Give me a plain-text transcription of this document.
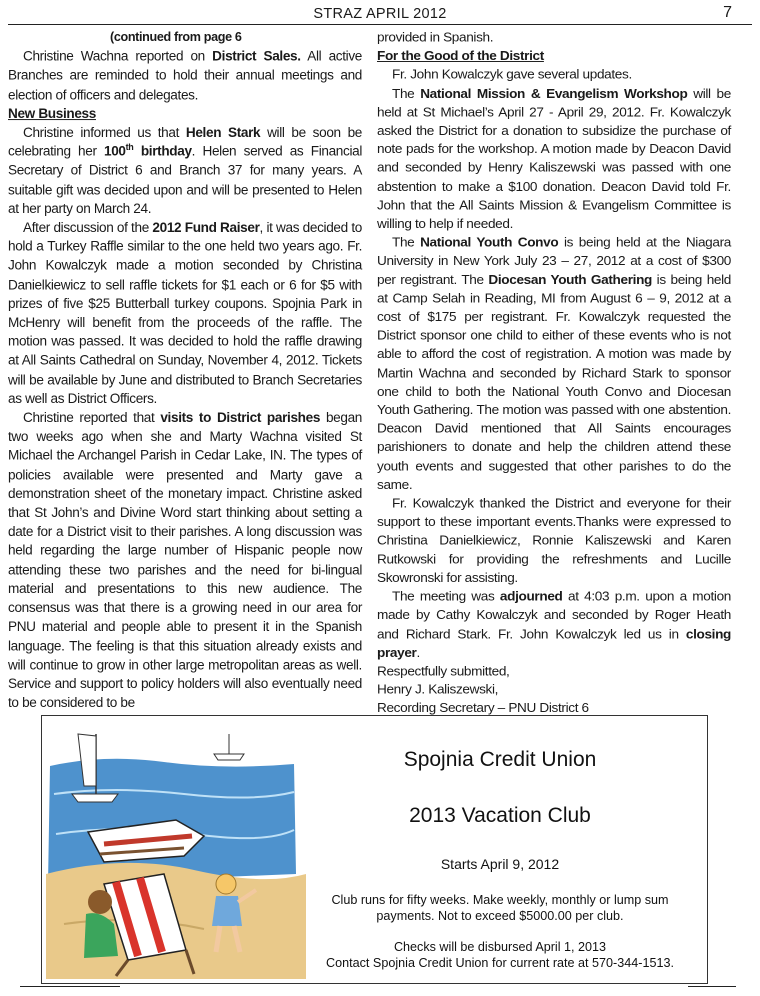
STRAZ APRIL 2012	7

(continued from page 6

Christine Wachna reported on District Sales. All active Branches are reminded to hold their annual meetings and election of officers and delegates.

New Business

Christine informed us that Helen Stark will be soon be celebrating her 100th birthday. Helen served as Financial Secretary of District 6 and Branch 37 for many years. A suitable gift was decided upon and will be presented to Helen at her party on March 24.

After discussion of the 2012 Fund Raiser, it was decided to hold a Turkey Raffle similar to the one held two years ago. Fr. John Kowalczyk made a motion seconded by Christina Danielkiewicz to sell raffle tickets for $1 each or 6 for $5 with prizes of five $25 Butterball turkey coupons. Spojnia Park in McHenry will benefit from the proceeds of the raffle. The motion was passed. It was decided to hold the raffle drawing at All Saints Cathedral on Sunday, November 4, 2012. Tickets will be available by June and distributed to Branch Secretaries as well as District Officers.

Christine reported that visits to District parishes began two weeks ago when she and Marty Wachna visited St Michael the Archangel Parish in Cedar Lake, IN. The types of policies available were presented and Marty gave a demonstration sheet of the monetary impact. Christine asked that St John’s and Divine Word start thinking about setting a date for a District visit to their parishes. A long discussion was held regarding the large number of Hispanic people now attending these two parishes and the need for bi-lingual material and presentations to this new audience. The consensus was that there is a growing need in our area for PNU material and people able to present it in the Spanish language. The feeling is that this situation already exists and will continue to grow in other large metropolitan areas as well. Service and support to policy holders will also eventually need to be considered to be

provided in Spanish.

For the Good of the District

Fr. John Kowalczyk gave several updates.

The National Mission & Evangelism Workshop will be held at St Michael’s April 27 - April 29, 2012. Fr. Kowalczyk asked the District for a donation to subsidize the purchase of note pads for the workshop. A motion made by Deacon David and seconded by Henry Kaliszewski was passed with one abstention to make a $100 donation. Deacon David told Fr. John that the All Saints Mission & Evangelism Committee is willing to help if needed.

The National Youth Convo is being held at the Niagara University in New York July 23 – 27, 2012 at a cost of $300 per registrant. The Diocesan Youth Gathering is being held at Camp Selah in Reading, MI from August 6 – 9, 2012 at a cost of $175 per registrant. Fr. Kowalczyk requested the District sponsor one child to either of these events who is not able to afford the cost of registration. A motion was made by Martin Wachna and seconded by Richard Stark to sponsor one child to both the National Youth Convo and Diocesan Youth Gathering. The motion was passed with one abstention. Deacon David mentioned that All Saints encourages parishioners to donate and help the children attend these youth events and suggested that other parishes to do the same.

Fr. Kowalczyk thanked the District and everyone for their support to these important events.Thanks were expressed to Christina Danielkiewicz, Ronnie Kaliszewski and Karen Rutkowski for providing the refreshments and Lucille Skowronski for assisting.

The meeting was adjourned at 4:03 p.m. upon a motion made by Cathy Kowalczyk and seconded by Roger Heath and Richard Stark. Fr. John Kowalczyk led us in closing prayer.

Respectfully submitted,

Henry J. Kaliszewski,

Recording Secretary – PNU District 6

Spojnia Credit Union
2013 Vacation Club
Starts April 9, 2012
Club runs for fifty weeks. Make weekly, monthly or lump sum payments. Not to exceed $5000.00 per club.
Checks will be disbursed April 1, 2013
Contact Spojnia Credit Union for current rate at 570-344-1513.
